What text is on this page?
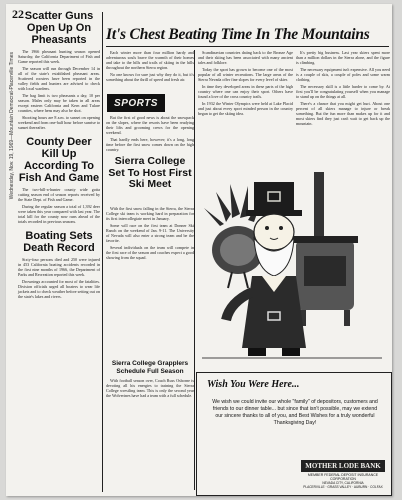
22
Wednesday, Nov. 19, 1969—Mountain Democrat-Placerville Times
Scatter Guns Open Up On Pheasants

The 1966 pheasant hunting season opened Saturday, the California Department of Fish and Game reported this week.

The season will run through December 14 in all of the state's established pheasant areas. Scattered roosters have been reported in the valley fields and hunters are advised to check with local wardens.

The bag limit is two pheasants a day, 10 per season. Males only may be taken in all areas except eastern California and Kern and Tulare counties, where hens may also be shot.

Shooting hours are 8 a.m. to sunset on opening weekend and from one-half hour before sunrise to sunset thereafter.

County Deer Kill Up According To Fish And Game

The two-bill-a-hunter county wide gotta cutting season end of season reports received by the State Dept. of Fish and Game.

During the regular season a total of 1,392 deer were taken this year compared with last year. The total kill for the county now runs ahead of the totals recorded in previous seasons.

Boating Sets Death Record

Sixty-four persons died and 250 were injured in 453 California boating accidents recorded in the first nine months of 1966, the Department of Parks and Recreation reported this week.

Drownings accounted for most of the fatalities. Division officials urged all boaters to wear life jackets and to check weather before setting out on the state's lakes and rivers.

It's Chest Beating Time In The Mountains

Each winter more than four million hardy and adventurous souls brave the warmth of their homes and take to the hills and trails of skiing in the hills throughout the northern Sierra region.

No one knows for sure just why they do it, but it's something about the thrill of speed and fresh air.

SPORTS

But the first of good news is about the snowpack on the slopes, where the resorts have been readying their lifts and grooming crews for the opening weekend.

That hardly ends here, however; it's a long, long time before the first snow comes down on the high country.

Sierra College Set To Host First Ski Meet

With the first snow falling in the Sierra, the Sierra College ski team is working hard in preparation for its first intercollegiate meet in January.

Some will race on the first team at Donner Ski Ranch on the weekend of Jan. 9-11. The University of Nevada will also enter a strong team and be the favorite.

Several individuals on the team will compete in the first race of the season and coaches expect a good showing from the squad.

Sierra College Grapplers Schedule Full Season

With football season over, Coach Russ Osborne is devoting all his energies to training the Sierra College wrestling team. This is only the second year the Wolverines have had a team with a full schedule.

Scandinavian countries dating back to the Bronze Age and their skiing has been associated with many ancient tales and folklore.

Today the sport has grown to become one of the most popular of all winter recreations. The large areas of the Sierra Nevada offer fine slopes for every level of skier.

In time they developed areas in these parts of the high country where one can enjoy their sport. Others have found a love of the cross country trails.

In 1932 the Winter Olympics were held at Lake Placid and just about every sport minded person in the country began to get the skiing idea.

It's pretty big business. Last year skiers spent more than a million dollars in the Sierra alone, and the figure is climbing.

The necessary equipment isn't expensive. All you need is a couple of skis, a couple of poles and some warm clothing.

The necessary skill is a little harder to come by. At first you'll be congratulating yourself when you manage to stand up on the things at all.

There's a chance that you might get hurt. About one percent of all skiers manage to injure or break something. But the fun more than makes up for it and most skiers find they just can't wait to get back up the mountain.

Wish You Were Here...
We wish we could invite our whole "family" of depositors, customers and friends to our dinner table... but since that isn't possible, may we extend our sincere thanks to all of you, and Best Wishes for a truly wonderful Thanksgiving Day!
MOTHER LODE BANK
MEMBER FEDERAL DEPOSIT INSURANCE CORPORATION
NEVADA CITY, CALIFORNIA
PLACERVILLE · GRASS VALLEY · AUBURN · COLFAX
